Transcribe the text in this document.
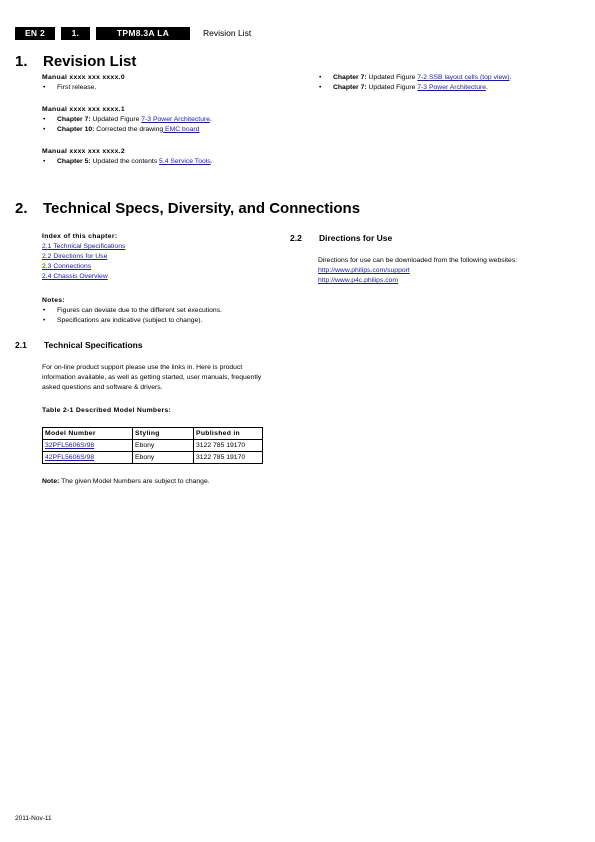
EN 2	1.	TPM8.3A LA	Revision List
1. Revision List
Manual xxxx xxx xxxx.0
• First release.
Manual xxxx xxx xxxx.1
• Chapter 7: Updated Figure 7-3 Power Architecture.
• Chapter 10: Corrected the drawing EMC board
Manual xxxx xxx xxxx.2
• Chapter 5: Updated the contents 5.4 Service Tools.
• Chapter 7: Updated Figure 7-2 SSB layout cells (top view).
• Chapter 7: Updated Figure 7-3 Power Architecture.
2. Technical Specs, Diversity, and Connections
Index of this chapter:
2.1 Technical Specifications
2.2 Directions for Use
2.3 Connections
2.4 Chassis Overview
Notes:
• Figures can deviate due to the different set executions.
• Specifications are indicative (subject to change).
2.1 Technical Specifications

For on-line product support please use the links in. Here is product information available, as well as getting started, user manuals, frequently asked questions and software & drivers.

Table 2-1 Described Model Numbers:
Model Number	Styling	Published in
32PFL5606S/98	Ebony	3122 785 19170
42PFL5606S/98	Ebony	3122 785 19170
Note: The given Model Numbers are subject to change.
2.2 Directions for Use

Directions for use can be downloaded from the following websites:

http://www.philips.com/support
http://www.p4c.philips.com
2011-Nov-11
